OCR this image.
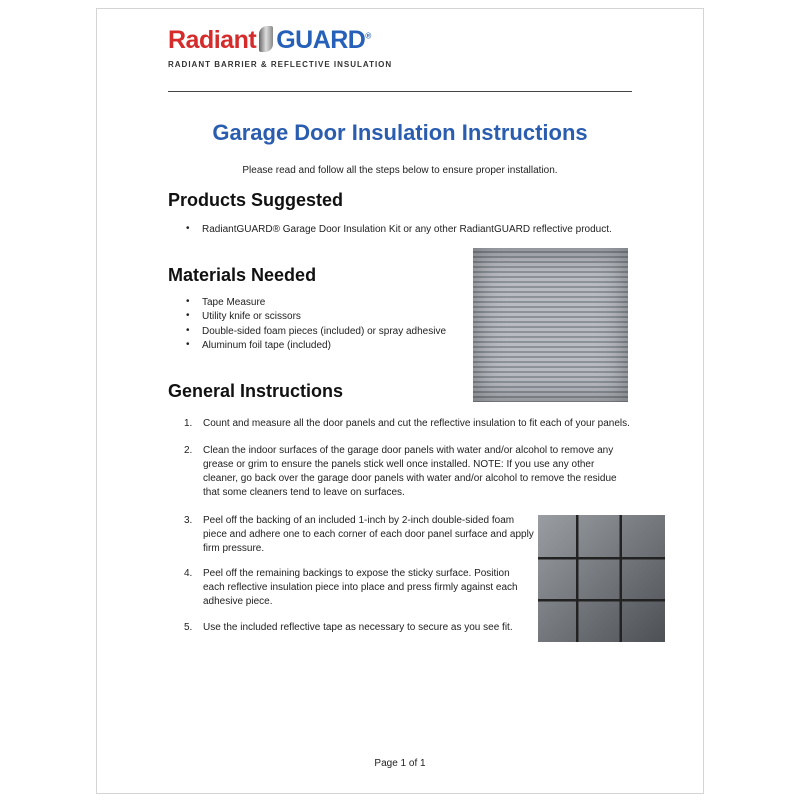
Radiant GUARD®
RADIANT BARRIER & REFLECTIVE INSULATION
Garage Door Insulation Instructions
Please read and follow all the steps below to ensure proper installation.
Products Suggested
• RadiantGUARD® Garage Door Insulation Kit or any other RadiantGUARD reflective product.
Materials Needed
• Tape Measure
• Utility knife or scissors
• Double-sided foam pieces (included) or spray adhesive
• Aluminum foil tape (included)
General Instructions
1. Count and measure all the door panels and cut the reflective insulation to fit each of your panels.
2. Clean the indoor surfaces of the garage door panels with water and/or alcohol to remove any grease or grim to ensure the panels stick well once installed. NOTE: If you use any other cleaner, go back over the garage door panels with water and/or alcohol to remove the residue that some cleaners tend to leave on surfaces.
3. Peel off the backing of an included 1-inch by 2-inch double-sided foam piece and adhere one to each corner of each door panel surface and apply firm pressure.
4. Peel off the remaining backings to expose the sticky surface. Position each reflective insulation piece into place and press firmly against each adhesive piece.
5. Use the included reflective tape as necessary to secure as you see fit.
Page 1 of 1
